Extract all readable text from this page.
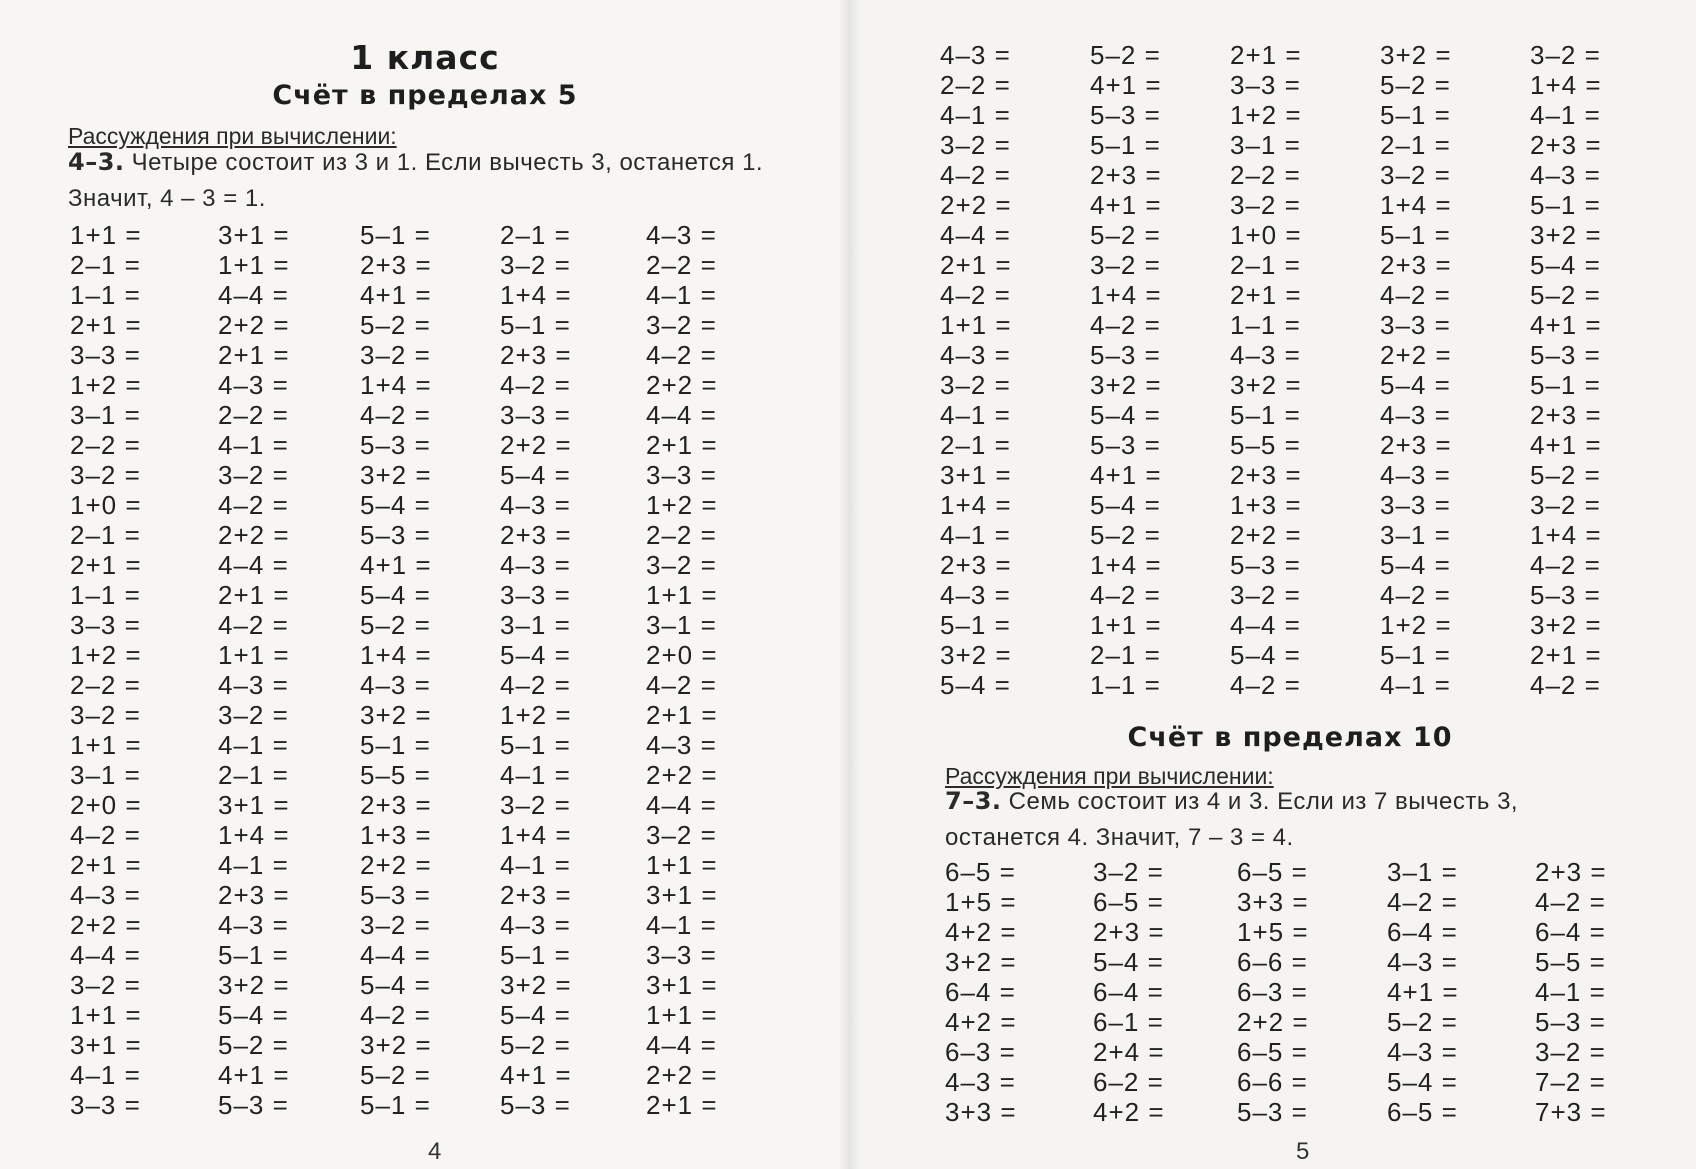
1 класс
Счёт в пределах 5
Рассуждения при вычислении:
4–3. Четыре состоит из 3 и 1. Если вычесть 3, останется 1. Значит, 4 – 3 = 1.
1+1 =
2–1 =
1–1 =
2+1 =
3–3 =
1+2 =
3–1 =
2–2 =
3–2 =
1+0 =
2–1 =
2+1 =
1–1 =
3–3 =
1+2 =
2–2 =
3–2 =
1+1 =
3–1 =
2+0 =
4–2 =
2+1 =
4–3 =
2+2 =
4–4 =
3–2 =
1+1 =
3+1 =
4–1 =
3–3 =
3+1 =
1+1 =
4–4 =
2+2 =
2+1 =
4–3 =
2–2 =
4–1 =
3–2 =
4–2 =
2+2 =
4–4 =
2+1 =
4–2 =
1+1 =
4–3 =
3–2 =
4–1 =
2–1 =
3+1 =
1+4 =
4–1 =
2+3 =
4–3 =
5–1 =
3+2 =
5–4 =
5–2 =
4+1 =
5–3 =
5–1 =
2+3 =
4+1 =
5–2 =
3–2 =
1+4 =
4–2 =
5–3 =
3+2 =
5–4 =
5–3 =
4+1 =
5–4 =
5–2 =
1+4 =
4–3 =
3+2 =
5–1 =
5–5 =
2+3 =
1+3 =
2+2 =
5–3 =
3–2 =
4–4 =
5–4 =
4–2 =
3+2 =
5–2 =
5–1 =
2–1 =
3–2 =
1+4 =
5–1 =
2+3 =
4–2 =
3–3 =
2+2 =
5–4 =
4–3 =
2+3 =
4–3 =
3–3 =
3–1 =
5–4 =
4–2 =
1+2 =
5–1 =
4–1 =
3–2 =
1+4 =
4–1 =
2+3 =
4–3 =
5–1 =
3+2 =
5–4 =
5–2 =
4+1 =
5–3 =
4–3 =
2–2 =
4–1 =
3–2 =
4–2 =
2+2 =
4–4 =
2+1 =
3–3 =
1+2 =
2–2 =
3–2 =
1+1 =
3–1 =
2+0 =
4–2 =
2+1 =
4–3 =
2+2 =
4–4 =
3–2 =
1+1 =
3+1 =
4–1 =
3–3 =
3+1 =
1+1 =
4–4 =
2+2 =
2+1 =
4
4–3 =
2–2 =
4–1 =
3–2 =
4–2 =
2+2 =
4–4 =
2+1 =
4–2 =
1+1 =
4–3 =
3–2 =
4–1 =
2–1 =
3+1 =
1+4 =
4–1 =
2+3 =
4–3 =
5–1 =
3+2 =
5–4 =
5–2 =
4+1 =
5–3 =
5–1 =
2+3 =
4+1 =
5–2 =
3–2 =
1+4 =
4–2 =
5–3 =
3+2 =
5–4 =
5–3 =
4+1 =
5–4 =
5–2 =
1+4 =
4–2 =
1+1 =
2–1 =
1–1 =
2+1 =
3–3 =
1+2 =
3–1 =
2–2 =
3–2 =
1+0 =
2–1 =
2+1 =
1–1 =
4–3 =
3+2 =
5–1 =
5–5 =
2+3 =
1+3 =
2+2 =
5–3 =
3–2 =
4–4 =
5–4 =
4–2 =
3+2 =
5–2 =
5–1 =
2–1 =
3–2 =
1+4 =
5–1 =
2+3 =
4–2 =
3–3 =
2+2 =
5–4 =
4–3 =
2+3 =
4–3 =
3–3 =
3–1 =
5–4 =
4–2 =
1+2 =
5–1 =
4–1 =
3–2 =
1+4 =
4–1 =
2+3 =
4–3 =
5–1 =
3+2 =
5–4 =
5–2 =
4+1 =
5–3 =
5–1 =
2+3 =
4+1 =
5–2 =
3–2 =
1+4 =
4–2 =
5–3 =
3+2 =
2+1 =
4–2 =
Счёт в пределах 10
Рассуждения при вычислении:
7–3. Семь состоит из 4 и 3. Если из 7 вычесть 3, останется 4. Значит, 7 – 3 = 4.
6–5 =
1+5 =
4+2 =
3+2 =
6–4 =
4+2 =
6–3 =
4–3 =
3+3 =
3–2 =
6–5 =
2+3 =
5–4 =
6–4 =
6–1 =
2+4 =
6–2 =
4+2 =
6–5 =
3+3 =
1+5 =
6–6 =
6–3 =
2+2 =
6–5 =
6–6 =
5–3 =
3–1 =
4–2 =
6–4 =
4–3 =
4+1 =
5–2 =
4–3 =
5–4 =
6–5 =
2+3 =
4–2 =
6–4 =
5–5 =
4–1 =
5–3 =
3–2 =
7–2 =
7+3 =
5
